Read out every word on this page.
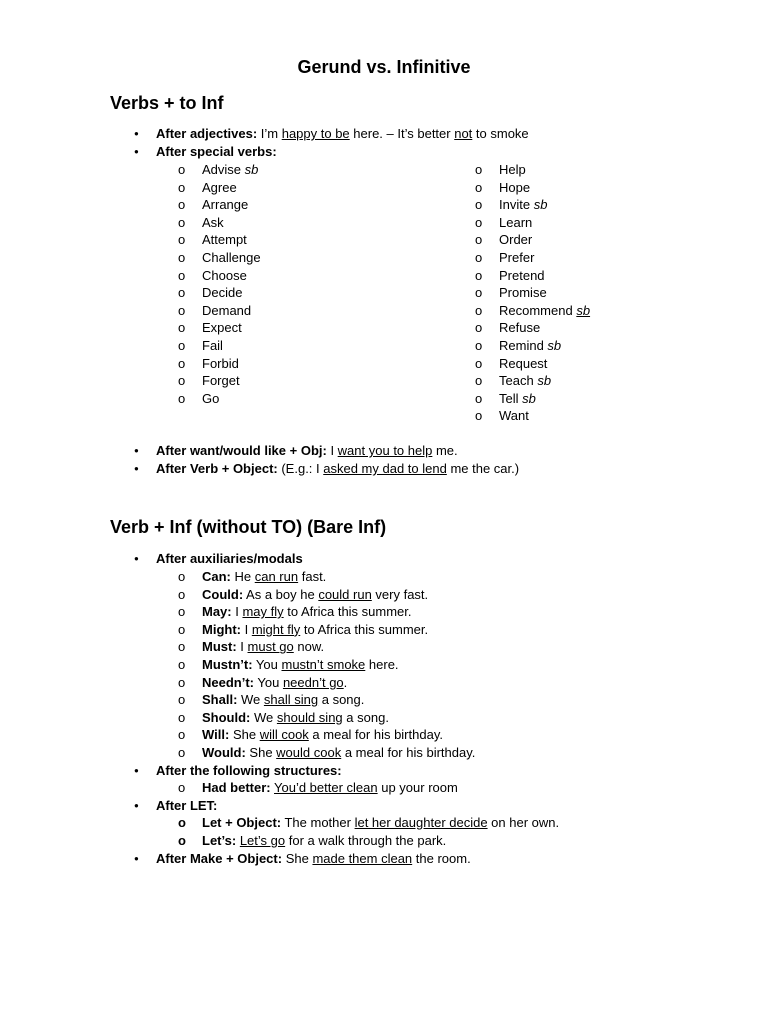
Gerund vs. Infinitive
Verbs + to Inf
● After adjectives: I’m happy to be here. – It’s better not to smoke
● After special verbs:
o Advise sb
o Agree
o Arrange
o Ask
o Attempt
o Challenge
o Choose
o Decide
o Demand
o Expect
o Fail
o Forbid
o Forget
o Go
o Help
o Hope
o Invite sb
o Learn
o Order
o Prefer
o Pretend
o Promise
o Recommend sb
o Refuse
o Remind sb
o Request
o Teach sb
o Tell sb
o Want
● After want/would like + Obj: I want you to help me.
● After Verb + Object: (E.g.: I asked my dad to lend me the car.)
Verb + Inf (without TO) (Bare Inf)
● After auxiliaries/modals
o Can: He can run fast.
o Could: As a boy he could run very fast.
o May: I may fly to Africa this summer.
o Might: I might fly to Africa this summer.
o Must: I must go now.
o Mustn’t: You mustn’t smoke here.
o Needn’t: You needn’t go.
o Shall: We shall sing a song.
o Should: We should sing a song.
o Will: She will cook a meal for his birthday.
o Would: She would cook a meal for his birthday.
● After the following structures:
o Had better: You’d better clean up your room
● After LET:
o Let + Object: The mother let her daughter decide on her own.
o Let’s: Let’s go for a walk through the park.
● After Make + Object: She made them clean the room.
